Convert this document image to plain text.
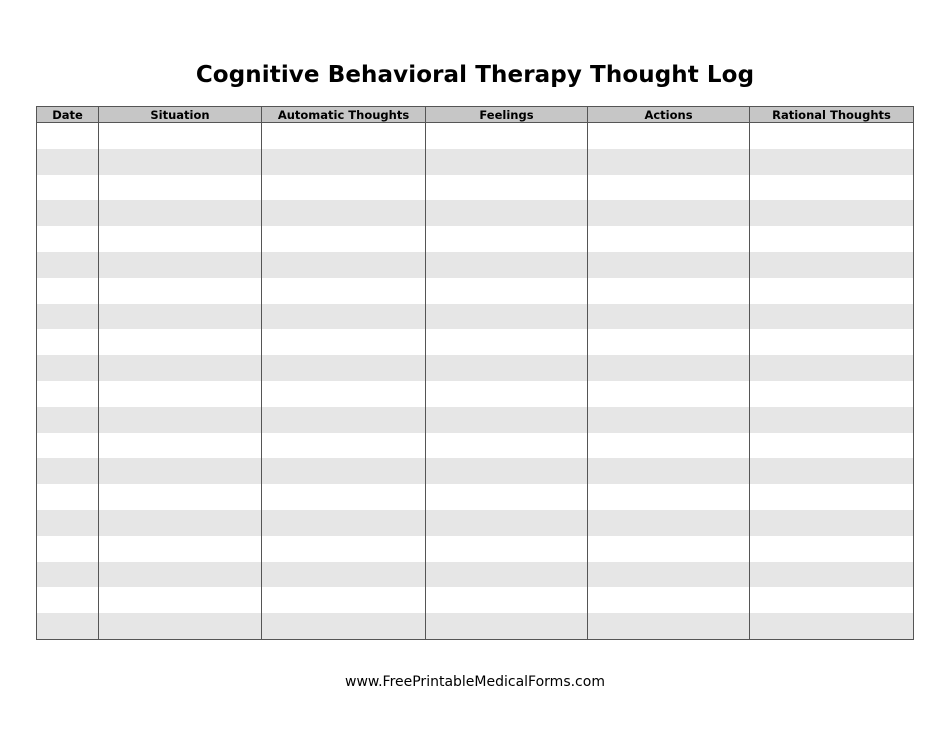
Cognitive Behavioral Therapy Thought Log
Date	Situation	Automatic Thoughts	Feelings	Actions	Rational Thoughts

www.FreePrintableMedicalForms.com
